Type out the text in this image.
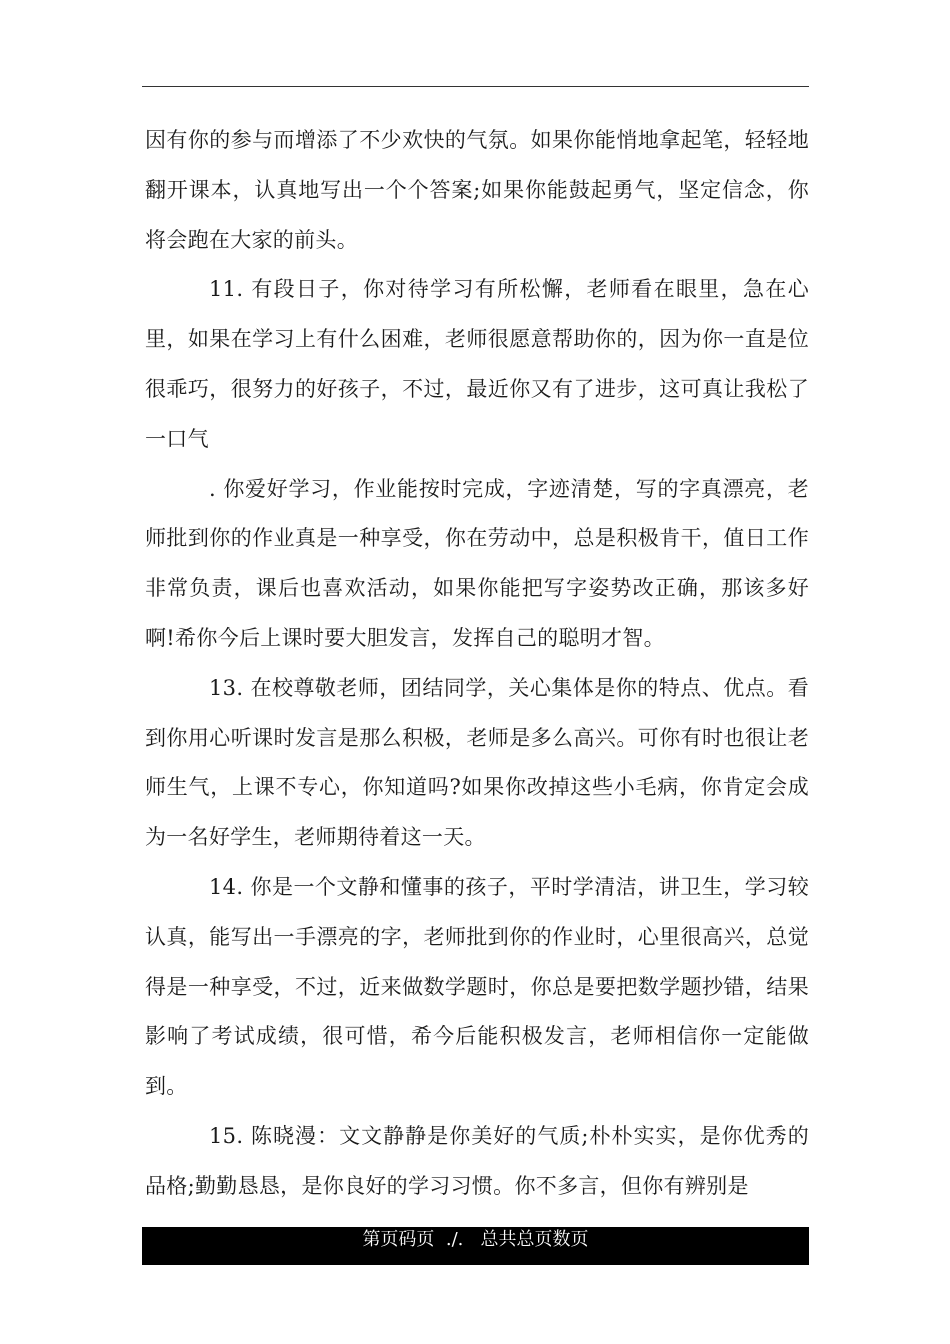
因有你的参与而增添了不少欢快的气氛。如果你能悄地拿起笔，轻轻地翻开课本，认真地写出一个个答案;如果你能鼓起勇气，坚定信念，你将会跑在大家的前头。

11. 有段日子，你对待学习有所松懈，老师看在眼里，急在心里，如果在学习上有什么困难，老师很愿意帮助你的，因为你一直是位很乖巧，很努力的好孩子，不过，最近你又有了进步，这可真让我松了一口气

. 你爱好学习，作业能按时完成，字迹清楚，写的字真漂亮，老师批到你的作业真是一种享受，你在劳动中，总是积极肯干，值日工作非常负责，课后也喜欢活动，如果你能把写字姿势改正确，那该多好啊!希你今后上课时要大胆发言，发挥自己的聪明才智。

13. 在校尊敬老师，团结同学，关心集体是你的特点、优点。看到你用心听课时发言是那么积极，老师是多么高兴。可你有时也很让老师生气，上课不专心，你知道吗?如果你改掉这些小毛病，你肯定会成为一名好学生，老师期待着这一天。

14. 你是一个文静和懂事的孩子，平时学清洁，讲卫生，学习较认真，能写出一手漂亮的字，老师批到你的作业时，心里很高兴，总觉得是一种享受，不过，近来做数学题时，你总是要把数学题抄错，结果影响了考试成绩，很可惜，希今后能积极发言，老师相信你一定能做到。

15. 陈晓漫：文文静静是你美好的气质;朴朴实实，是你优秀的品格;勤勤恳恳，是你良好的学习习惯。你不多言，但你有辨别是

第页码页  ./.   总共总页数页
